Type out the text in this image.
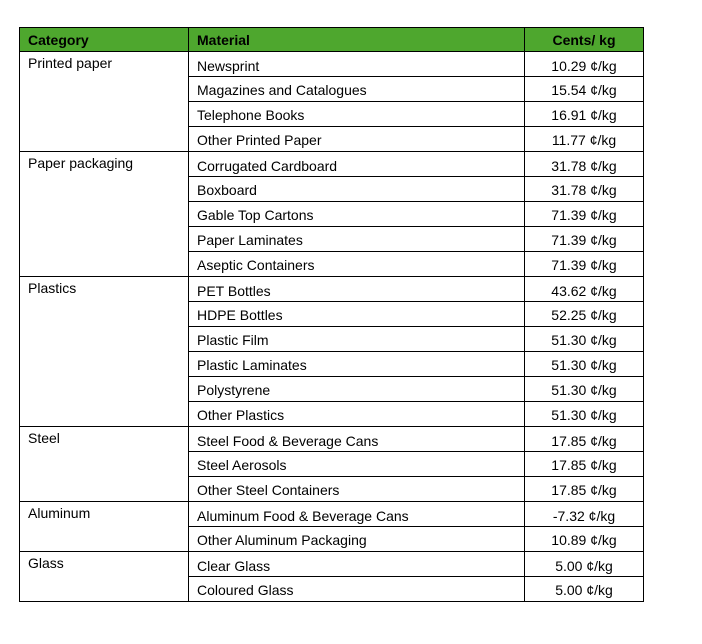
Category	Material	Cents/ kg
Printed paper	Newsprint	10.29 ¢/kg
	Magazines and Catalogues	15.54 ¢/kg
	Telephone Books	16.91 ¢/kg
	Other Printed Paper	11.77 ¢/kg
Paper packaging	Corrugated Cardboard	31.78 ¢/kg
	Boxboard	31.78 ¢/kg
	Gable Top Cartons	71.39 ¢/kg
	Paper Laminates	71.39 ¢/kg
	Aseptic Containers	71.39 ¢/kg
Plastics	PET Bottles	43.62 ¢/kg
	HDPE Bottles	52.25 ¢/kg
	Plastic Film	51.30 ¢/kg
	Plastic Laminates	51.30 ¢/kg
	Polystyrene	51.30 ¢/kg
	Other Plastics	51.30 ¢/kg
Steel	Steel Food & Beverage Cans	17.85 ¢/kg
	Steel Aerosols	17.85 ¢/kg
	Other Steel Containers	17.85 ¢/kg
Aluminum	Aluminum Food & Beverage Cans	-7.32 ¢/kg
	Other Aluminum Packaging	10.89 ¢/kg
Glass	Clear Glass	5.00 ¢/kg
	Coloured Glass	5.00 ¢/kg
